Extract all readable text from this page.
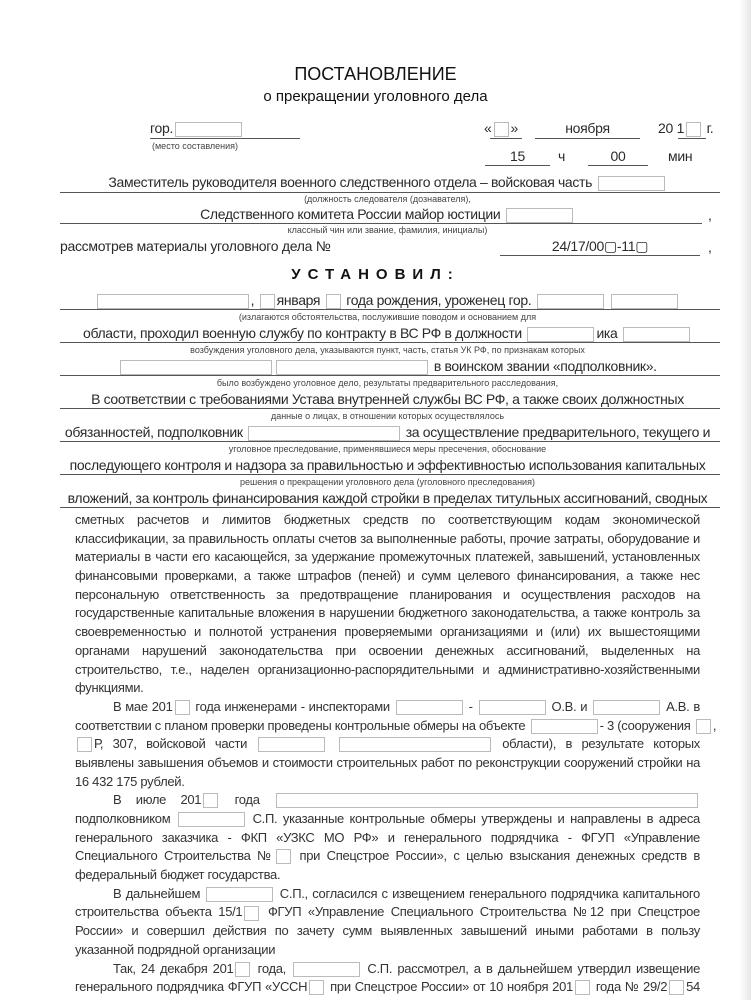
ПОСТАНОВЛЕНИЕ
о прекращении уголовного дела
гор.
(место составления)
« »	ноября	20 1 г.
15	ч	00	мин
Заместитель руководителя военного следственного отдела – войсковая часть
(должность следователя (дознавателя),
Следственного комитета России майор юстиции	,
классный чин или звание, фамилия, инициалы)
рассмотрев материалы уголовного дела №	24/17/00▢-11▢	,
УСТАНОВИЛ:
, января  года рождения, уроженец гор.
(излагаются обстоятельства, послужившие поводом и основанием для
области, проходил военную службу по контракту в ВС РФ в должности	ика
возбуждения уголовного дела, указываются пункт, часть, статья УК РФ, по признакам которых
в воинском звании «подполковник».
было возбуждено уголовное дело, результаты предварительного расследования,
В соответствии с требованиями Устава внутренней службы ВС РФ, а также своих должностных
данные о лицах, в отношении которых осуществлялось
обязанностей, подполковник	за осуществление предварительного, текущего и
уголовное преследование, применявшиеся меры пресечения, обоснование
последующего контроля и надзора за правильностью и эффективностью использования капитальных
решения о прекращении уголовного дела (уголовного преследования)
вложений, за контроль финансирования каждой стройки в пределах титульных ассигнований, сводных
сметных расчетов и лимитов бюджетных средств по соответствующим кодам экономической
классификации, за правильность оплаты счетов за выполненные работы, прочие затраты, оборудование и
материалы в части его касающейся, за удержание промежуточных платежей, завышений, установленных
финансовыми проверками, а также штрафов (пеней) и сумм целевого финансирования, а также нес
персональную ответственность за предотвращение планирования и осуществления расходов на
государственные капитальные вложения в нарушении бюджетного законодательства, а также контроль за
своевременностью и полнотой устранения проверяемыми организациями и (или) их вышестоящими
органами нарушений законодательства при освоении денежных ассигнований, выделенных на
строительство, т.е., наделен организационно-распорядительными и административно-хозяйственными
функциями.
В мае 201 года инженерами - инспекторами	-	О.В. и	А.В. в
соответствии с планом проверки проведены контрольные обмеры на объекте	- 3 (сооружения ,
Р, 307, войсковой части	области), в результате которых
выявлены завышения объемов и стоимости строительных работ по реконструкции сооружений стройки на
16 432 175 рублей.
В июле 201 года
подполковником	С.П. указанные контрольные обмеры утверждены и направлены в адреса
генерального заказчика - ФКП «УЗКС МО РФ» и генерального подрядчика - ФГУП «Управление
Специального Строительства № при Спецстрое России», с целью взыскания денежных средств в
федеральный бюджет государства.
В дальнейшем	С.П., согласился с извещением генерального подрядчика капитального
строительства объекта 15/1 ФГУП «Управление Специального Строительства №12 при Спецстрое
России» и совершил действия по зачету сумм выявленных завышений иными работами в пользу
указанной подрядной организации
Так, 24 декабря 201 года,	С.П. рассмотрел, а в дальнейшем утвердил извещение
генерального подрядчика ФГУП «УССН при Спецстрое России» от 10 ноября 201 года № 29/2 54
